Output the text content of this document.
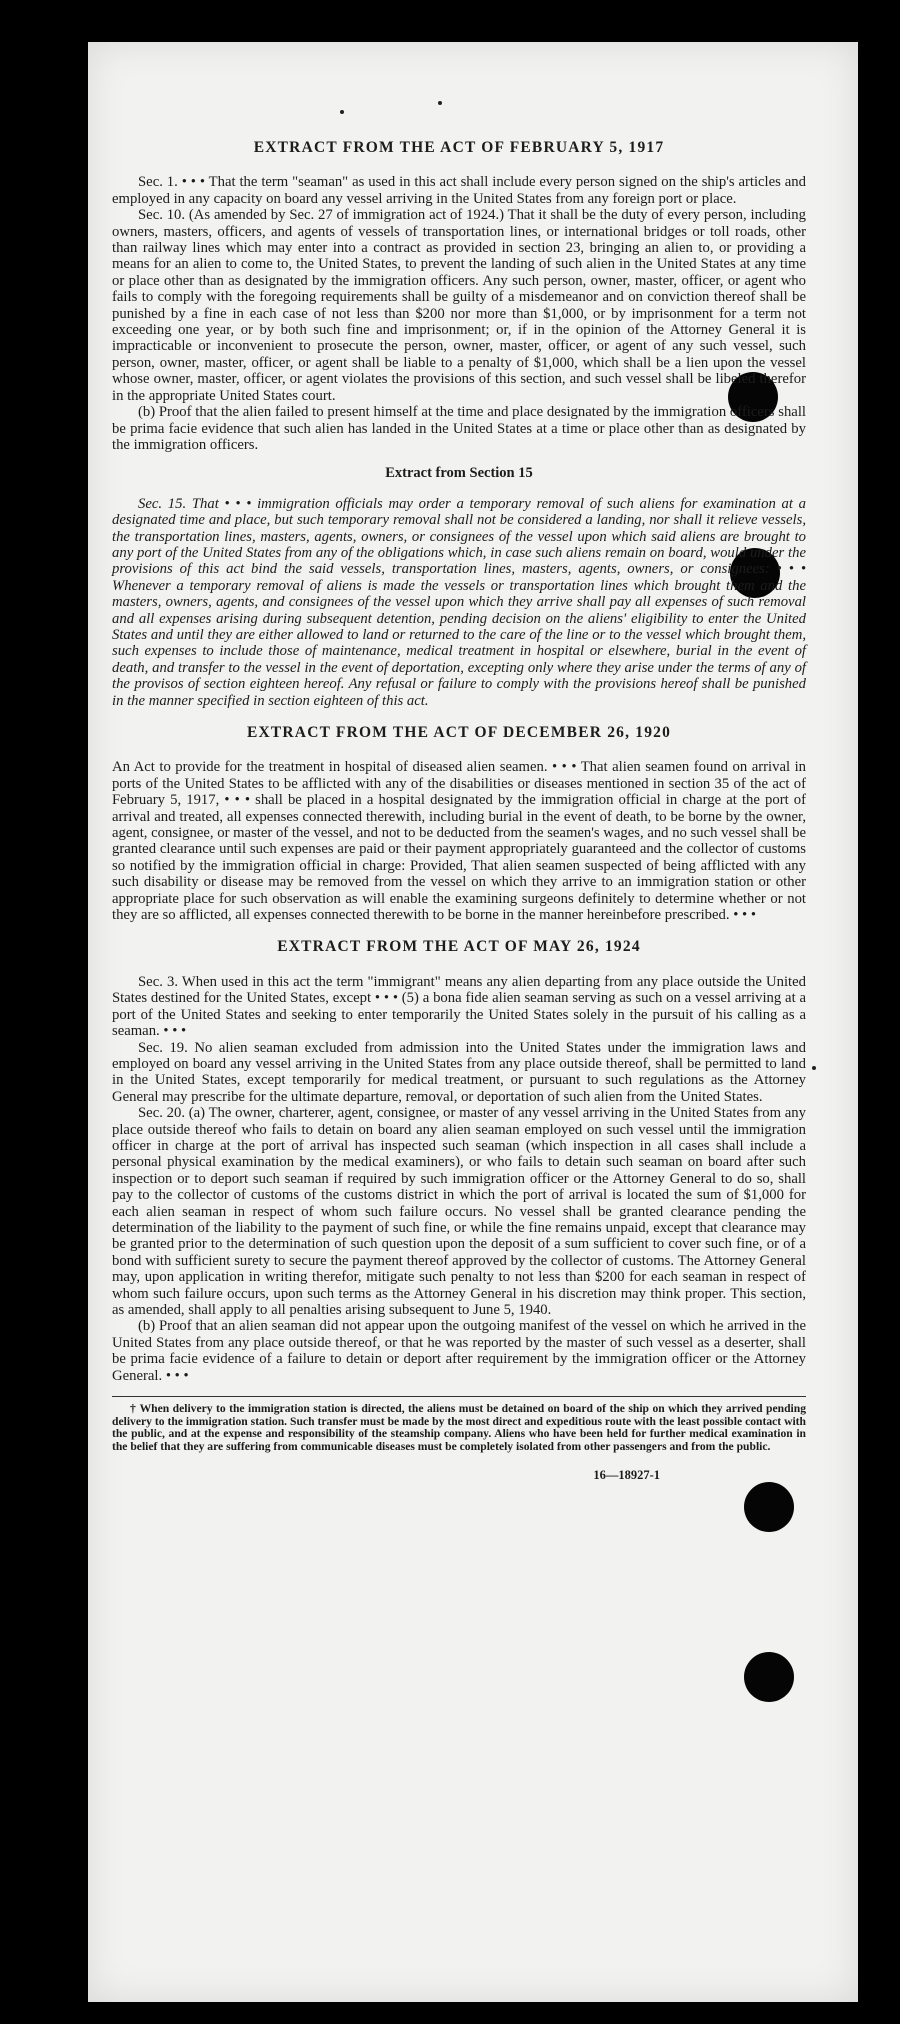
EXTRACT FROM THE ACT OF FEBRUARY 5, 1917

Sec. 1. • • • That the term "seaman" as used in this act shall include every person signed on the ship's articles and employed in any capacity on board any vessel arriving in the United States from any foreign port or place.

Sec. 10. (As amended by Sec. 27 of immigration act of 1924.) That it shall be the duty of every person, including owners, masters, officers, and agents of vessels of transportation lines, or international bridges or toll roads, other than railway lines which may enter into a contract as provided in section 23, bringing an alien to, or providing a means for an alien to come to, the United States, to prevent the landing of such alien in the United States at any time or place other than as designated by the immigration officers. Any such person, owner, master, officer, or agent who fails to comply with the foregoing requirements shall be guilty of a misdemeanor and on conviction thereof shall be punished by a fine in each case of not less than $200 nor more than $1,000, or by imprisonment for a term not exceeding one year, or by both such fine and imprisonment; or, if in the opinion of the Attorney General it is impracticable or inconvenient to prosecute the person, owner, master, officer, or agent of any such vessel, such person, owner, master, officer, or agent shall be liable to a penalty of $1,000, which shall be a lien upon the vessel whose owner, master, officer, or agent violates the provisions of this section, and such vessel shall be libeled therefor in the appropriate United States court.

(b) Proof that the alien failed to present himself at the time and place designated by the immigration officers shall be prima facie evidence that such alien has landed in the United States at a time or place other than as designated by the immigration officers.

Extract from Section 15

Sec. 15. That • • • immigration officials may order a temporary removal of such aliens for examination at a designated time and place, but such temporary removal shall not be considered a landing, nor shall it relieve vessels, the transportation lines, masters, agents, owners, or consignees of the vessel upon which said aliens are brought to any port of the United States from any of the obligations which, in case such aliens remain on board, would under the provisions of this act bind the said vessels, transportation lines, masters, agents, owners, or consignees: • • • Whenever a temporary removal of aliens is made the vessels or transportation lines which brought them and the masters, owners, agents, and consignees of the vessel upon which they arrive shall pay all expenses of such removal and all expenses arising during subsequent detention, pending decision on the aliens' eligibility to enter the United States and until they are either allowed to land or returned to the care of the line or to the vessel which brought them, such expenses to include those of maintenance, medical treatment in hospital or elsewhere, burial in the event of death, and transfer to the vessel in the event of deportation, excepting only where they arise under the terms of any of the provisos of section eighteen hereof. Any refusal or failure to comply with the provisions hereof shall be punished in the manner specified in section eighteen of this act.

EXTRACT FROM THE ACT OF DECEMBER 26, 1920

An Act to provide for the treatment in hospital of diseased alien seamen. • • • That alien seamen found on arrival in ports of the United States to be afflicted with any of the disabilities or diseases mentioned in section 35 of the act of February 5, 1917, • • • shall be placed in a hospital designated by the immigration official in charge at the port of arrival and treated, all expenses connected therewith, including burial in the event of death, to be borne by the owner, agent, consignee, or master of the vessel, and not to be deducted from the seamen's wages, and no such vessel shall be granted clearance until such expenses are paid or their payment appropriately guaranteed and the collector of customs so notified by the immigration official in charge: Provided, That alien seamen suspected of being afflicted with any such disability or disease may be removed from the vessel on which they arrive to an immigration station or other appropriate place for such observation as will enable the examining surgeons definitely to determine whether or not they are so afflicted, all expenses connected therewith to be borne in the manner hereinbefore prescribed. • • •

EXTRACT FROM THE ACT OF MAY 26, 1924

Sec. 3. When used in this act the term "immigrant" means any alien departing from any place outside the United States destined for the United States, except • • • (5) a bona fide alien seaman serving as such on a vessel arriving at a port of the United States and seeking to enter temporarily the United States solely in the pursuit of his calling as a seaman. • • •

Sec. 19. No alien seaman excluded from admission into the United States under the immigration laws and employed on board any vessel arriving in the United States from any place outside thereof, shall be permitted to land in the United States, except temporarily for medical treatment, or pursuant to such regulations as the Attorney General may prescribe for the ultimate departure, removal, or deportation of such alien from the United States.

Sec. 20. (a) The owner, charterer, agent, consignee, or master of any vessel arriving in the United States from any place outside thereof who fails to detain on board any alien seaman employed on such vessel until the immigration officer in charge at the port of arrival has inspected such seaman (which inspection in all cases shall include a personal physical examination by the medical examiners), or who fails to detain such seaman on board after such inspection or to deport such seaman if required by such immigration officer or the Attorney General to do so, shall pay to the collector of customs of the customs district in which the port of arrival is located the sum of $1,000 for each alien seaman in respect of whom such failure occurs. No vessel shall be granted clearance pending the determination of the liability to the payment of such fine, or while the fine remains unpaid, except that clearance may be granted prior to the determination of such question upon the deposit of a sum sufficient to cover such fine, or of a bond with sufficient surety to secure the payment thereof approved by the collector of customs. The Attorney General may, upon application in writing therefor, mitigate such penalty to not less than $200 for each seaman in respect of whom such failure occurs, upon such terms as the Attorney General in his discretion may think proper. This section, as amended, shall apply to all penalties arising subsequent to June 5, 1940.

(b) Proof that an alien seaman did not appear upon the outgoing manifest of the vessel on which he arrived in the United States from any place outside thereof, or that he was reported by the master of such vessel as a deserter, shall be prima facie evidence of a failure to detain or deport after requirement by the immigration officer or the Attorney General. • • •

† When delivery to the immigration station is directed, the aliens must be detained on board of the ship on which they arrived pending delivery to the immigration station. Such transfer must be made by the most direct and expeditious route with the least possible contact with the public, and at the expense and responsibility of the steamship company. Aliens who have been held for further medical examination in the belief that they are suffering from communicable diseases must be completely isolated from other passengers and from the public.

16—18927-1
